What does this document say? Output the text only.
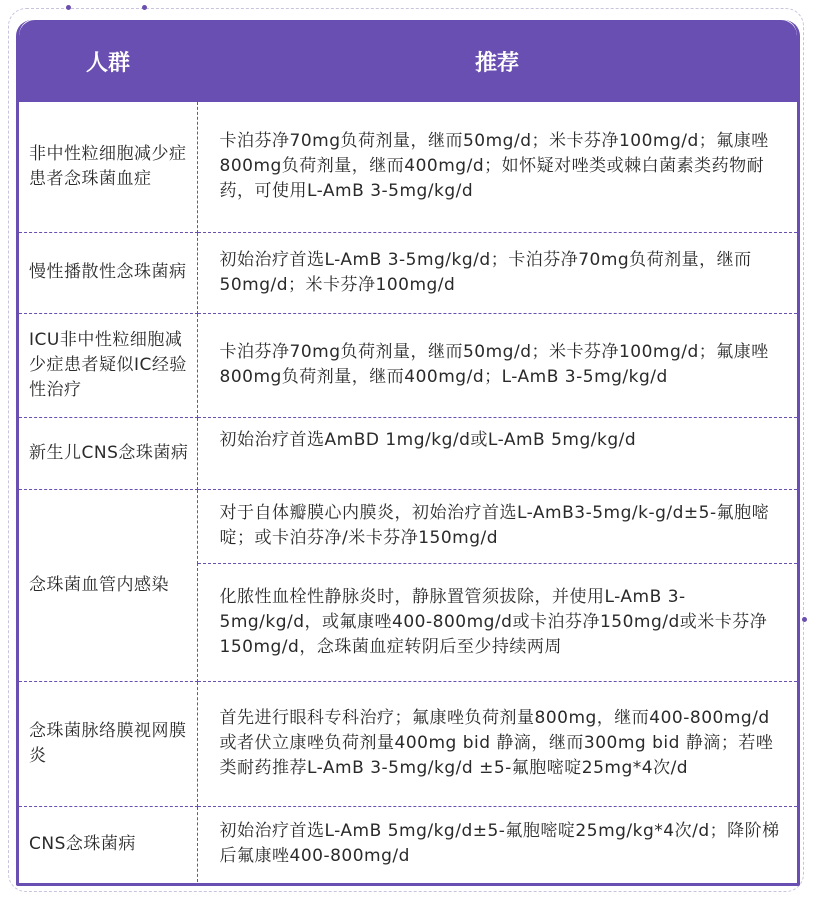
人群	推荐
非中性粒细胞减少症患者念珠菌血症	卡泊芬净70mg负荷剂量，继而50mg/d；米卡芬净100mg/d；氟康唑800mg负荷剂量，继而400mg/d；如怀疑对唑类或棘白菌素类药物耐药，可使用L-AmB 3-5mg/kg/d
慢性播散性念珠菌病	初始治疗首选L-AmB 3-5mg/kg/d；卡泊芬净70mg负荷剂量，继而50mg/d；米卡芬净100mg/d
ICU非中性粒细胞减少症患者疑似IC经验性治疗	卡泊芬净70mg负荷剂量，继而50mg/d；米卡芬净100mg/d；氟康唑800mg负荷剂量，继而400mg/d；L-AmB 3-5mg/kg/d
新生儿CNS念珠菌病	初始治疗首选AmBD 1mg/kg/d或L-AmB 5mg/kg/d
念珠菌血管内感染	对于自体瓣膜心内膜炎，初始治疗首选L-AmB3-5mg/k-g/d±5-氟胞嘧啶；或卡泊芬净/米卡芬净150mg/d
	化脓性血栓性静脉炎时，静脉置管须拔除，并使用L-AmB 3-5mg/kg/d，或氟康唑400-800mg/d或卡泊芬净150mg/d或米卡芬净150mg/d，念珠菌血症转阴后至少持续两周
念珠菌脉络膜视网膜炎	首先进行眼科专科治疗；氟康唑负荷剂量800mg，继而400-800mg/d或者伏立康唑负荷剂量400mg bid 静滴，继而300mg bid 静滴；若唑类耐药推荐L-AmB 3-5mg/kg/d ±5-氟胞嘧啶25mg*4次/d
CNS念珠菌病	初始治疗首选L-AmB 5mg/kg/d±5-氟胞嘧啶25mg/kg*4次/d；降阶梯后氟康唑400-800mg/d
